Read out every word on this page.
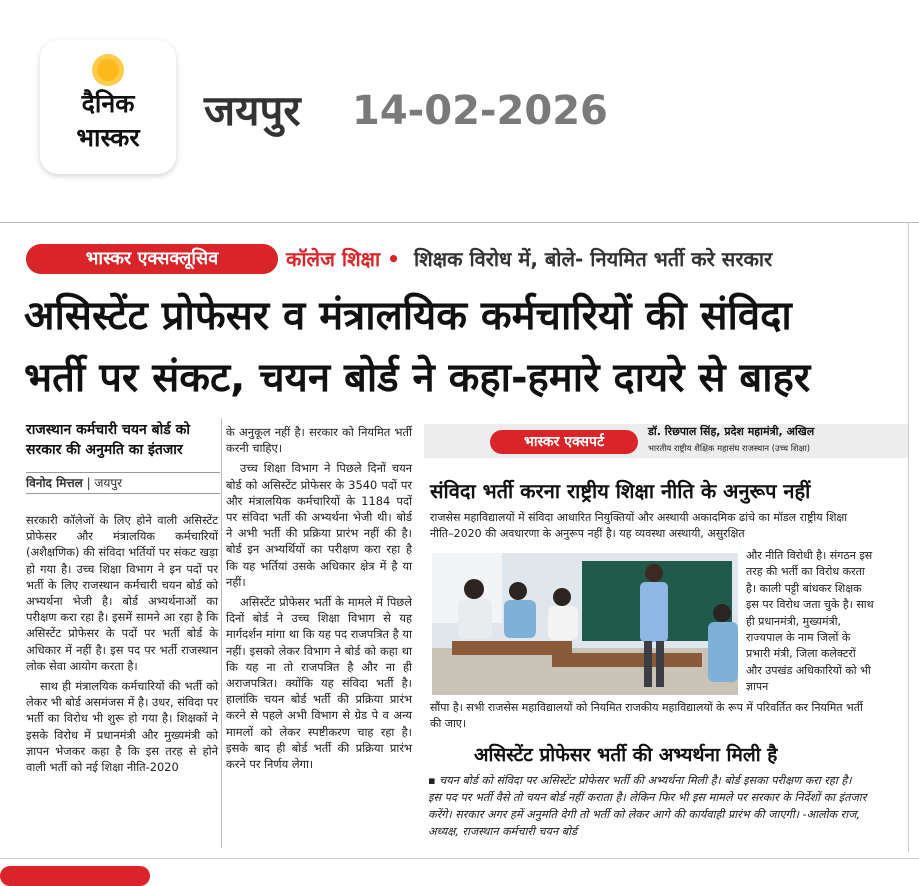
दैनिक
भास्कर
जयपुर 14-02-2026
भास्कर एक्सक्लूसिव	कॉलेज शिक्षा • शिक्षक विरोध में, बोले- नियमित भर्ती करे सरकार
असिस्टेंट प्रोफेसर व मंत्रालयिक कर्मचारियों की संविदा
भर्ती पर संकट, चयन बोर्ड ने कहा-हमारे दायरे से बाहर
राजस्थान कर्मचारी चयन बोर्ड को सरकार की अनुमति का इंतजार
विनोद मित्तल | जयपुर

सरकारी कॉलेजों के लिए होने वाली असिस्टेंट प्रोफेसर और मंत्रालयिक कर्मचारियों (अशैक्षणिक) की संविदा भर्तियों पर संकट खड़ा हो गया है। उच्च शिक्षा विभाग ने इन पदों पर भर्ती के लिए राजस्थान कर्मचारी चयन बोर्ड को अभ्यर्थना भेजी है। बोर्ड अभ्यर्थनाओं का परीक्षण करा रहा है। इसमें सामने आ रहा है कि असिस्टेंट प्रोफेसर के पदों पर भर्ती बोर्ड के अधिकार में नहीं है। इस पद पर भर्ती राजस्थान लोक सेवा आयोग करता है।

साथ ही मंत्रालयिक कर्मचारियों की भर्ती को लेकर भी बोर्ड असमंजस में है। उधर, संविदा पर भर्ती का विरोध भी शुरू हो गया है। शिक्षकों ने इसके विरोध में प्रधानमंत्री और मुख्यमंत्री को ज्ञापन भेजकर कहा है कि इस तरह से होने वाली भर्ती को नई शिक्षा नीति-2020

के अनुकूल नहीं है। सरकार को नियमित भर्ती करनी चाहिए।

उच्च शिक्षा विभाग ने पिछले दिनों चयन बोर्ड को असिस्टेंट प्रोफेसर के 3540 पदों पर और मंत्रालयिक कर्मचारियों के 1184 पदों पर संविदा भर्ती की अभ्यर्थना भेजी थी। बोर्ड ने अभी भर्ती की प्रक्रिया प्रारंभ नहीं की है। बोर्ड इन अभ्यर्थियों का परीक्षण करा रहा है कि यह भर्तियां उसके अधिकार क्षेत्र में है या नहीं।

असिस्टेंट प्रोफेसर भर्ती के मामले में पिछले दिनों बोर्ड ने उच्च शिक्षा विभाग से यह मार्गदर्शन मांगा था कि यह पद राजपत्रित है या नहीं। इसको लेकर विभाग ने बोर्ड को कहा था कि यह ना तो राजपत्रित है और ना ही अराजपत्रित। क्योंकि यह संविदा भर्ती है। हालांकि चयन बोर्ड भर्ती की प्रक्रिया प्रारंभ करने से पहले अभी विभाग से ग्रेड पे व अन्य मामलों को लेकर स्पष्टीकरण चाह रहा है। इसके बाद ही बोर्ड भर्ती की प्रक्रिया प्रारंभ करने पर निर्णय लेगा।

भास्कर एक्सपर्ट
डॉ. रिछपाल सिंह, प्रदेश महामंत्री, अखिल
भारतीय राष्ट्रीय शैक्षिक महासंघ राजस्थान (उच्च शिक्षा)
संविदा भर्ती करना राष्ट्रीय शिक्षा नीति के अनुरूप नहीं
राजसेस महाविद्यालयों में संविदा आधारित नियुक्तियों और अस्थायी अकादमिक ढांचे का मॉडल राष्ट्रीय शिक्षा नीति–2020 की अवधारणा के अनुरूप नहीं है। यह व्यवस्था अस्थायी, असुरक्षित
और नीति विरोधी है। संगठन इस तरह की भर्ती का विरोध करता है। काली पट्टी बांधकर शिक्षक इस पर विरोध जता चुके है। साथ ही प्रधानमंत्री, मुख्यमंत्री, राज्यपाल के नाम जिलों के प्रभारी मंत्री, जिला कलेक्टरों और उपखंड अधिकारियों को भी ज्ञापन
सौंपा है। सभी राजसेस महाविद्यालयों को नियमित राजकीय महाविद्यालयों के रूप में परिवर्तित कर नियमित भर्ती की जाए।
असिस्टेंट प्रोफेसर भर्ती की अभ्यर्थना मिली है
▪ चयन बोर्ड को संविदा पर असिस्टेंट प्रोफेसर भर्ती की अभ्यर्थना मिली है। बोर्ड इसका परीक्षण करा रहा है। इस पद पर भर्ती वैसे तो चयन बोर्ड नहीं कराता है। लेकिन फिर भी इस मामले पर सरकार के निर्देशों का इंतजार करेंगे। सरकार अगर हमें अनुमति देगी तो भर्ती को लेकर आगे की कार्यवाही प्रारंभ की जाएगी। -आलोक राज, अध्यक्ष, राजस्थान कर्मचारी चयन बोर्ड
